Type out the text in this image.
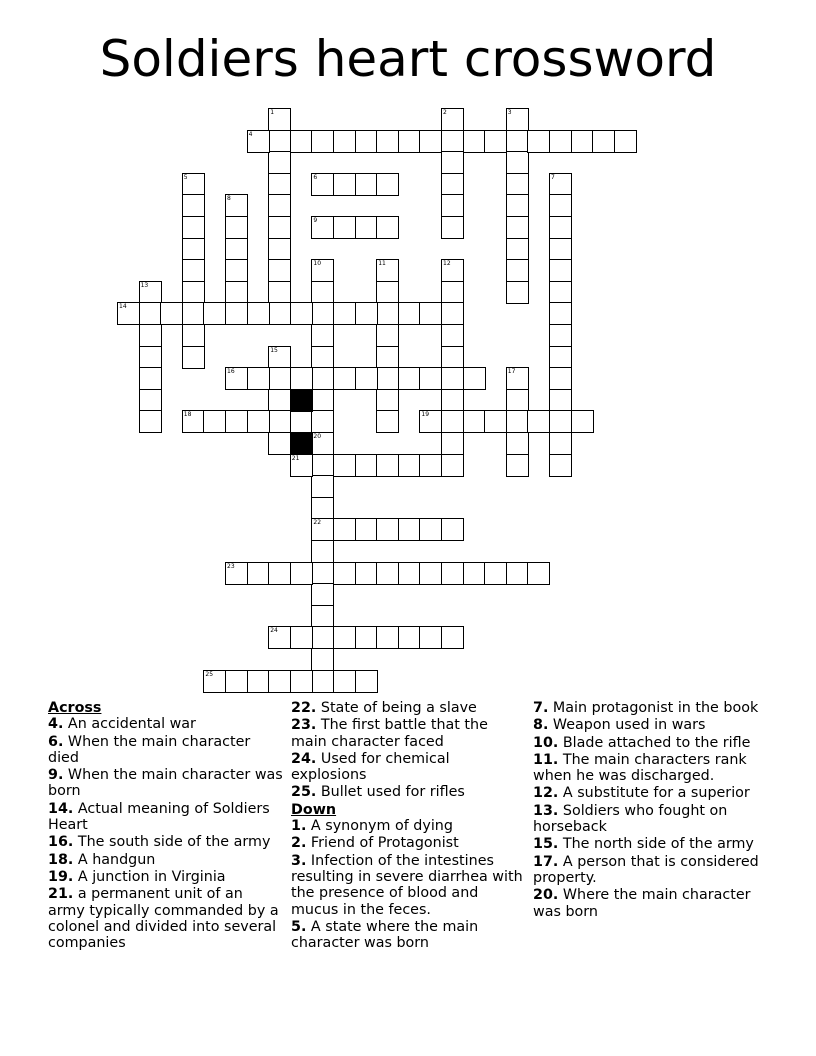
Soldiers heart crossword
1	2	3
4
5	6	7
8
9
10	11	12
13
14
15
16	17
18	19
20
21
22
23
24
25
Across
4. An accidental war
6. When the main character died
9. When the main character was born
14. Actual meaning of Soldiers Heart
16. The south side of the army
18. A handgun
19. A junction in Virginia
21. a permanent unit of an army typically commanded by a colonel and divided into several companies
22. State of being a slave
23. The first battle that the main character faced
24. Used for chemical explosions
25. Bullet used for rifles
Down
1. A synonym of dying
2. Friend of Protagonist
3. Infection of the intestines resulting in severe diarrhea with the presence of blood and mucus in the feces.
5. A state where the main character was born
7. Main protagonist in the book
8. Weapon used in wars
10. Blade attached to the rifle
11. The main characters rank when he was discharged.
12. A substitute for a superior
13. Soldiers who fought on horseback
15. The north side of the army
17. A person that is considered property.
20. Where the main character was born
